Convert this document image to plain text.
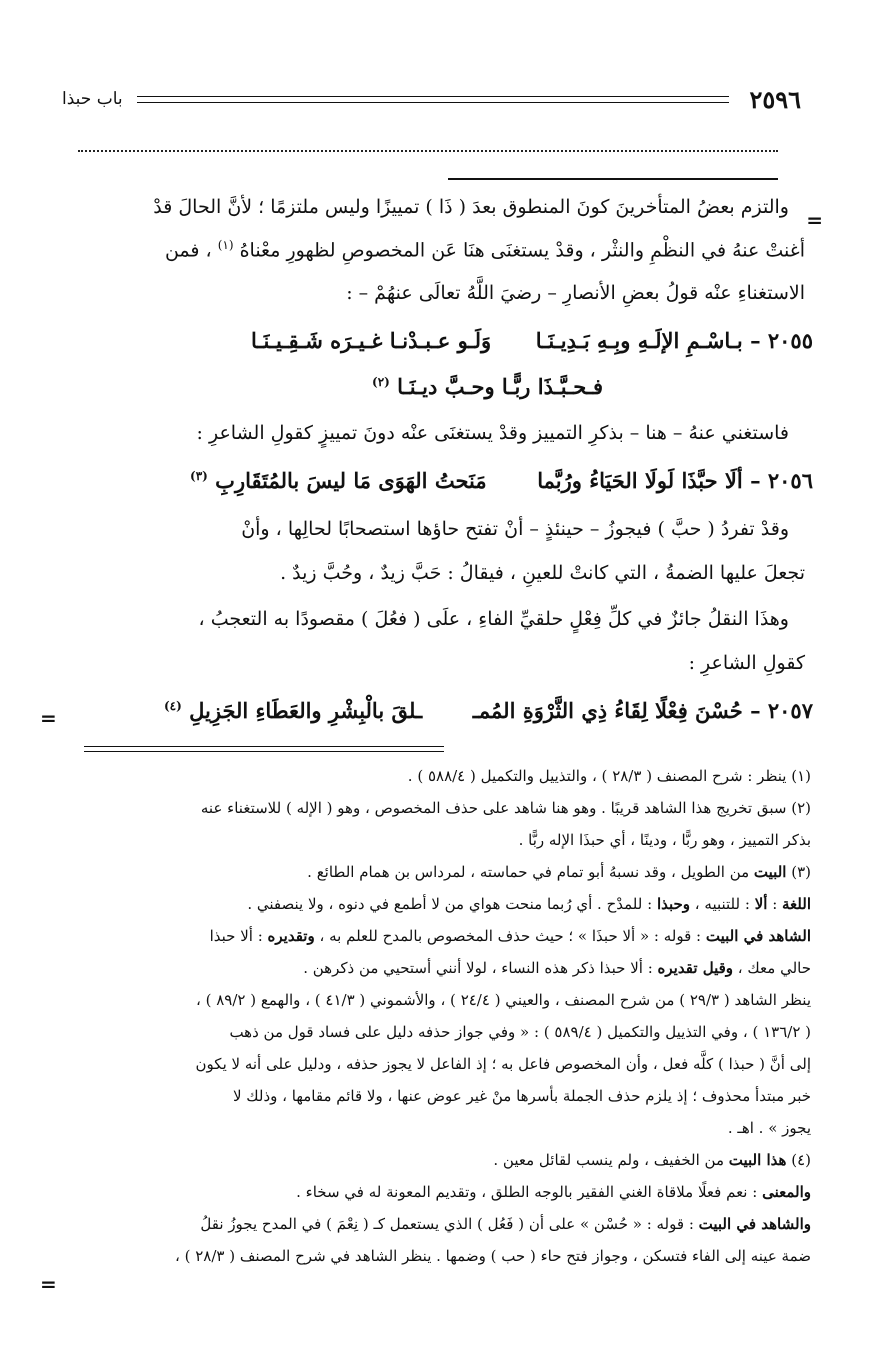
٢٥٩٦
باب حبذا
=
والتزم بعضُ المتأخرينَ كونَ المنطوق بعدَ ( ذَا ) تمييزًا وليس ملتزمًا ؛ لأنَّ الحالَ قدْ
أغنتْ عنهُ في النظْمِ والنثْر ، وقدْ يستغنَى هنَا عَن المخصوصِ لظهورِ معْناهُ $^{(١)}$ ، فمن
الاستغناءِ عنْه قولُ بعضِ الأنصارِ – رضيَ اللَّهُ تعالَى عنهُمْ – :
٢٠٥٥ – بـاسْـمِ الإلَـهِ وبِـهِ بَـدِيـنَـا  وَلَـو عـبـدْنـا غـيـرَه شَـقِـيـنَـا
فـحـبَّـذَا ربًّـا وحـبَّ ديـنَـا $^{(٢)}$
فاستغني عنهُ – هنا – بذكرِ التمييز وقدْ يستغنَى عنْه دونَ تمييزٍ كقولِ الشاعرِ :
٢٠٥٦ – ألَا حبَّذَا لَولَا الحَيَاءُ ورُبَّما  مَنَحتُ الهَوَى مَا ليسَ بالمُتَقَارِبِ $^{(٣)}$
وقدْ تفردُ ( حبَّ ) فيجوزُ – حينئذٍ – أنْ تفتح حاؤها استصحابًا لحالِها ، وأنْ
تجعلَ عليها الضمةُ ، التي كانتْ للعينِ ، فيقالُ : حَبَّ زيدٌ ، وحُبَّ زيدٌ .
وهذَا النقلُ جائزٌ في كلِّ فِعْلٍ حلقيِّ الفاءِ ، علَى ( فعُلَ ) مقصودًا به التعجبُ ،
كقولِ الشاعرِ :
٢٠٥٧ – حُسْنَ فِعْلًا لِقَاءُ ذِي الثَّرْوَةِ المُمـ  ـلقَ بالْبِشْرِ والعَطَاءِ الجَزِيلِ $^{(٤)}$
=
(١) ينظر : شرح المصنف ( ٢٨/٣ ) ، والتذييل والتكميل ( ٥٨٨/٤ ) .
(٢) سبق تخريج هذا الشاهد قريبًا . وهو هنا شاهد على حذف المخصوص ، وهو ( الإله ) للاستغناء عنه
بذكر التمييز ، وهو ربًّا ، ودينًا ، أي حبذَا الإله ربًّا .
(٣) البيت من الطويل ، وقد نسبهُ أبو تمام في حماسته ، لمرداس بن همام الطائع .
اللغة : ألا : للتنبيه ، وحبذا : للمدْح . أي رُبما منحت هواي من لا أطمع في دنوه ، ولا ينصفني .
الشاهد في البيت : قوله : « ألا حبذَا » ؛ حيث حذف المخصوص بالمدح للعلم به ، وتقديره : ألا حبذا
حالي معك ، وقيل تقديره : ألا حبذا ذكر هذه النساء ، لولا أنني أستحيي من ذكرهن .
ينظر الشاهد ( ٢٩/٣ ) من شرح المصنف ، والعيني ( ٢٤/٤ ) ، والأشموني ( ٤١/٣ ) ، والهمع ( ٨٩/٢ ) ،
( ١٣٦/٢ ) ، وفي التذييل والتكميل ( ٥٨٩/٤ ) : « وفي جواز حذفه دليل على فساد قول من ذهب
إلى أنَّ ( حبذا ) كلَّه فعل ، وأن المخصوص فاعل به ؛ إذ الفاعل لا يجوز حذفه ، ودليل على أنه لا يكون
خبر مبتدأ محذوف ؛ إذ يلزم حذف الجملة بأسرها منْ غير عوض عنها ، ولا قائم مقامها ، وذلك لا
يجوز » . اهـ .
(٤) هذا البيت من الخفيف ، ولم ينسب لقائل معين .
والمعنى : نعم فعلًا ملاقاة الغني الفقير بالوجه الطلق ، وتقديم المعونة له في سخاء .
والشاهد في البيت : قوله : « حُسْن » على أن ( فَعُل ) الذي يستعمل كـ ( نِعْمَ ) في المدح يجوزُ نقلُ
ضمة عينه إلى الفاء فتسكن ، وجواز فتح حاء ( حب ) وضمها . ينظر الشاهد في شرح المصنف ( ٢٨/٣ ) ،
=
